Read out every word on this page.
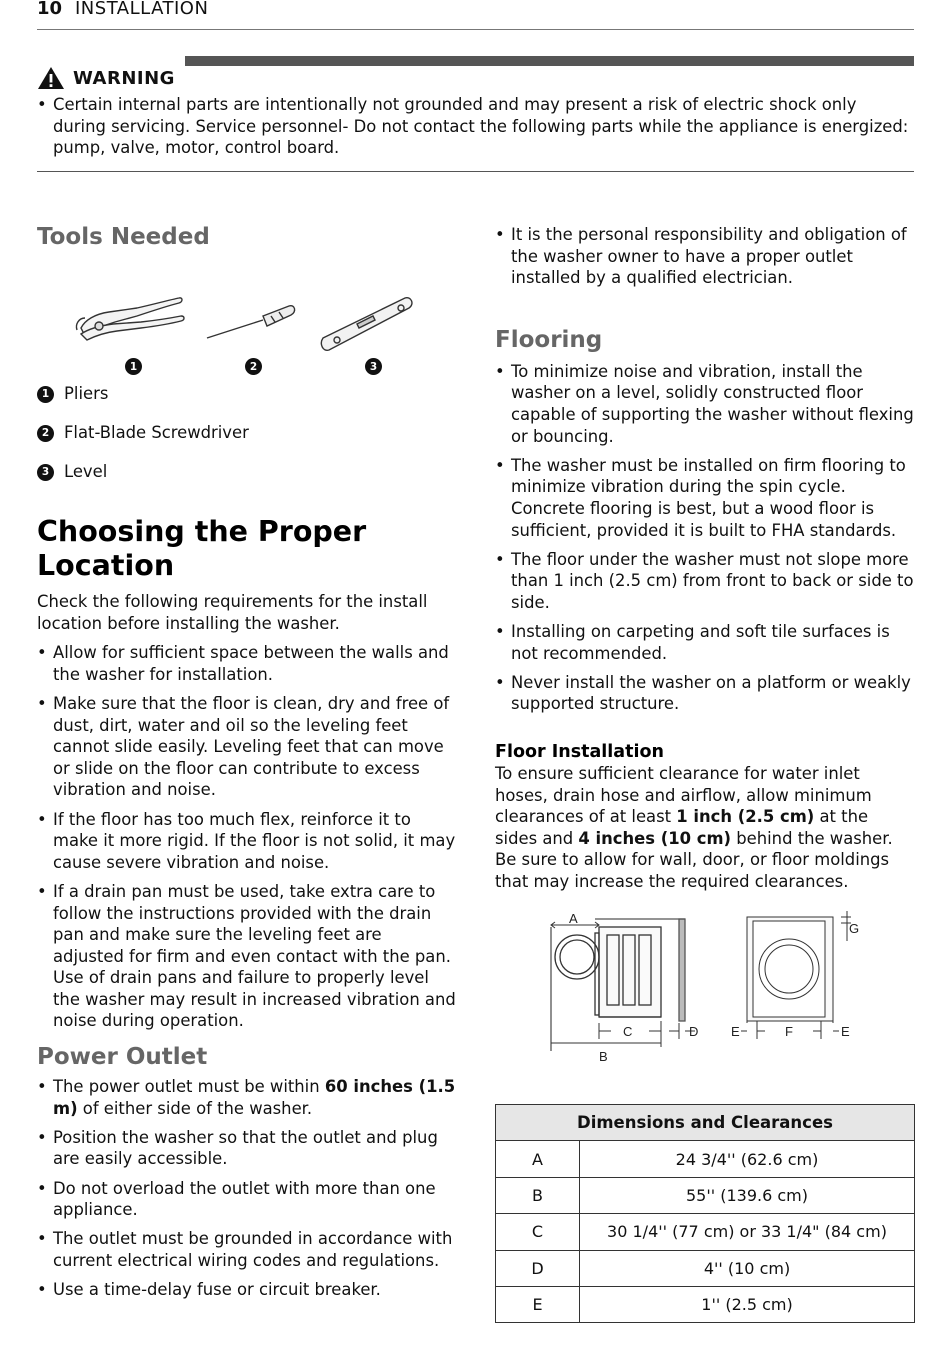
10 INSTALLATION
WARNING
• Certain internal parts are intentionally not grounded and may present a risk of electric shock only during servicing. Service personnel- Do not contact the following parts while the appliance is energized: pump, valve, motor, control board.
Tools Needed
1	2	3
1 Pliers
2 Flat-Blade Screwdriver
3 Level
Choosing the Proper Location

Check the following requirements for the install location before installing the washer.

• Allow for sufficient space between the walls and the washer for installation.
• Make sure that the floor is clean, dry and free of dust, dirt, water and oil so the leveling feet cannot slide easily. Leveling feet that can move or slide on the floor can contribute to excess vibration and noise.
• If the floor has too much flex, reinforce it to make it more rigid. If the floor is not solid, it may cause severe vibration and noise.
• If a drain pan must be used, take extra care to follow the instructions provided with the drain pan and make sure the leveling feet are adjusted for firm and even contact with the pan. Use of drain pans and failure to properly level the washer may result in increased vibration and noise during operation.
Power Outlet
• The power outlet must be within 60 inches (1.5 m) of either side of the washer.
• Position the washer so that the outlet and plug are easily accessible.
• Do not overload the outlet with more than one appliance.
• The outlet must be grounded in accordance with current electrical wiring codes and regulations.
• Use a time-delay fuse or circuit breaker.
• It is the personal responsibility and obligation of the washer owner to have a proper outlet installed by a qualified electrician.
Flooring
• To minimize noise and vibration, install the washer on a level, solidly constructed floor capable of supporting the washer without flexing or bouncing.
• The washer must be installed on firm flooring to minimize vibration during the spin cycle. Concrete flooring is best, but a wood floor is sufficient, provided it is built to FHA standards.
• The floor under the washer must not slope more than 1 inch (2.5 cm) from front to back or side to side.
• Installing on carpeting and soft tile surfaces is not recommended.
• Never install the washer on a platform or weakly supported structure.
Floor Installation

To ensure sufficient clearance for water inlet hoses, drain hose and airflow, allow minimum clearances of at least 1 inch (2.5 cm) at the sides and 4 inches (10 cm) behind the washer. Be sure to allow for wall, door, or floor moldings that may increase the required clearances.

A
B
C	D	E	F	E
G
Dimensions and Clearances	
A	24 3/4'' (62.6 cm)
B	55'' (139.6 cm)
C	30 1/4'' (77 cm) or 33 1/4" (84 cm)
D	4'' (10 cm)
E	1'' (2.5 cm)
